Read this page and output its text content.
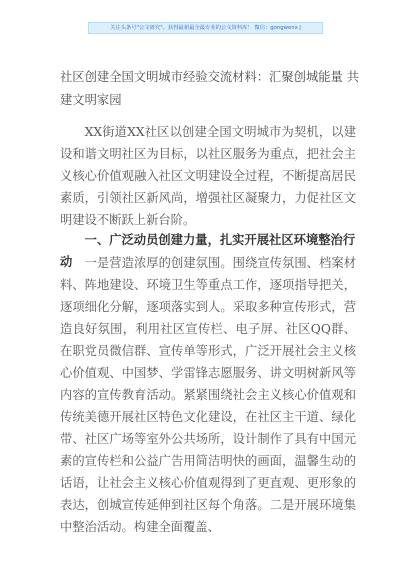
关注头条号"公文研究"，获得最新最全最专业的公文资料库！ 微信：gongwenx j
社区创建全国文明城市经验交流材料：汇聚创城能量 共建文明家园

XX街道XX社区以创建全国文明城市为契机，以建设和谐文明社区为目标，以社区服务为重点，把社会主义核心价值观融入社区文明建设全过程，不断提高居民素质，引领社区新风尚，增强社区凝聚力，力促社区文明建设不断跃上新台阶。

一、广泛动员创建力量，扎实开展社区环境整治行动 一是营造浓厚的创建氛围。围绕宣传氛围、档案材料、阵地建设、环境卫生等重点工作，逐项指导把关，逐项细化分解，逐项落实到人。采取多种宣传形式，营造良好氛围，利用社区宣传栏、电子屏、社区QQ群、在职党员微信群、宣传单等形式，广泛开展社会主义核心价值观、中国梦、学雷锋志愿服务、讲文明树新风等内容的宣传教育活动。紧紧围绕社会主义核心价值观和传统美德开展社区特色文化建设，在社区主干道、绿化带、社区广场等室外公共场所，设计制作了具有中国元素的宣传栏和公益广告用简洁明快的画面，温馨生动的话语，让社会主义核心价值观得到了更直观、更形象的表达，创城宣传延伸到社区每个角落。二是开展环境集中整治活动。构建全面覆盖、
